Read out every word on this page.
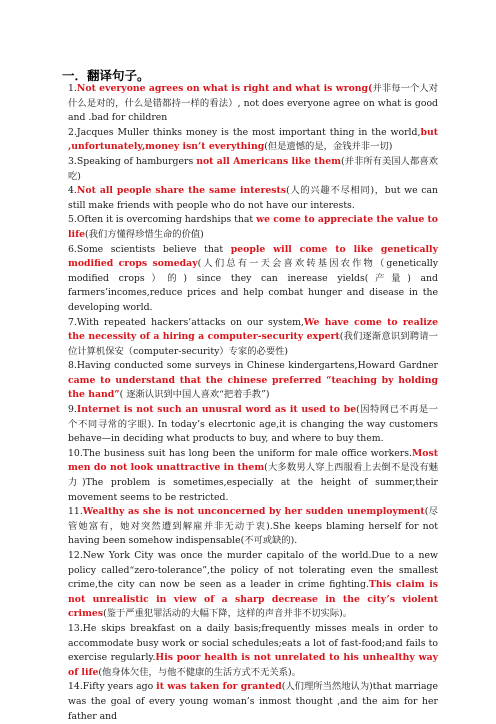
一．翻译句子。

1.Not everyone agrees on what is right and what is wrong(并非每一个人对什么是对的，什么是错都持一样的看法）, not does everyone agree on what is good and .bad for children

2.Jacques Muller thinks money is the most important thing in the world,but ,unfortunately,money isn’t everything(但是遗憾的是，金钱并非一切)

3.Speaking of hamburgers not all Americans like them(并非所有美国人都喜欢吃)

4.Not all people share the same interests(人的兴趣不尽相同)，but we can still make friends with people who do not have our interests.

5.Often it is overcoming hardships that we come to appreciate the value to life(我们方懂得珍惜生命的价值)

6.Some scientists believe that people will come to like genetically modified crops someday(人们总有一天会喜欢转基因农作物（genetically modified crops）的) since they can inerease yields(产量) and farmers’incomes,reduce prices and help combat hunger and disease in the developing world.

7.With repeated hackers’attacks on our system,We have come to realize the necessity of a hiring a computer-security expert(我们逐渐意识到聘请一位计算机保安（computer-security）专家的必要性)

8.Having conducted some surveys in Chinese kindergartens,Howard Gardner came to understand that the chinese preferred “teaching by holding the hand”( 逐渐认识到中国人喜欢“把着手教”)

9.Internet is not such an unusral word as it used to be(因特网已不再是一个不同寻常的字眼). In today’s elecrtonic age,it is changing the way customers behave—in deciding what products to buy, and where to buy them.

10.The business suit has long been the uniform for male office workers.Most men do not look unattractive in them(大多数男人穿上西服看上去倒不是没有魅力)The problem is sometimes,especially at the height of summer,their movement seems to be restricted.

11.Wealthy as she is not unconcerned by her sudden unemployment(尽管她富有，她对突然遭到解雇并非无动于衷).She keeps blaming herself for not having been somehow indispensable(不可或缺的).

12.New York City was once the murder capitalo of the world.Due to a new policy called“zero-tolerance”,the policy of not tolerating even the smallest crime,the city can now be seen as a leader in crime fighting.This claim is not unrealistic in view of a sharp decrease in the city’s violent crimes(鉴于严重犯罪活动的大幅下降，这样的声音并非不切实际)。

13.He skips breakfast on a daily basis;frequently misses meals in order to accommodate busy work or social schedules;eats a lot of fast-food;and fails to exercise regularly.His poor health is not unrelated to his unhealthy way of life(他身体欠佳，与他不健康的生活方式不无关系)。

14.Fifty years ago it was taken for granted(人们理所当然地认为)that marriage was the goal of every young woman’s inmost thought ,and the aim for her father and
